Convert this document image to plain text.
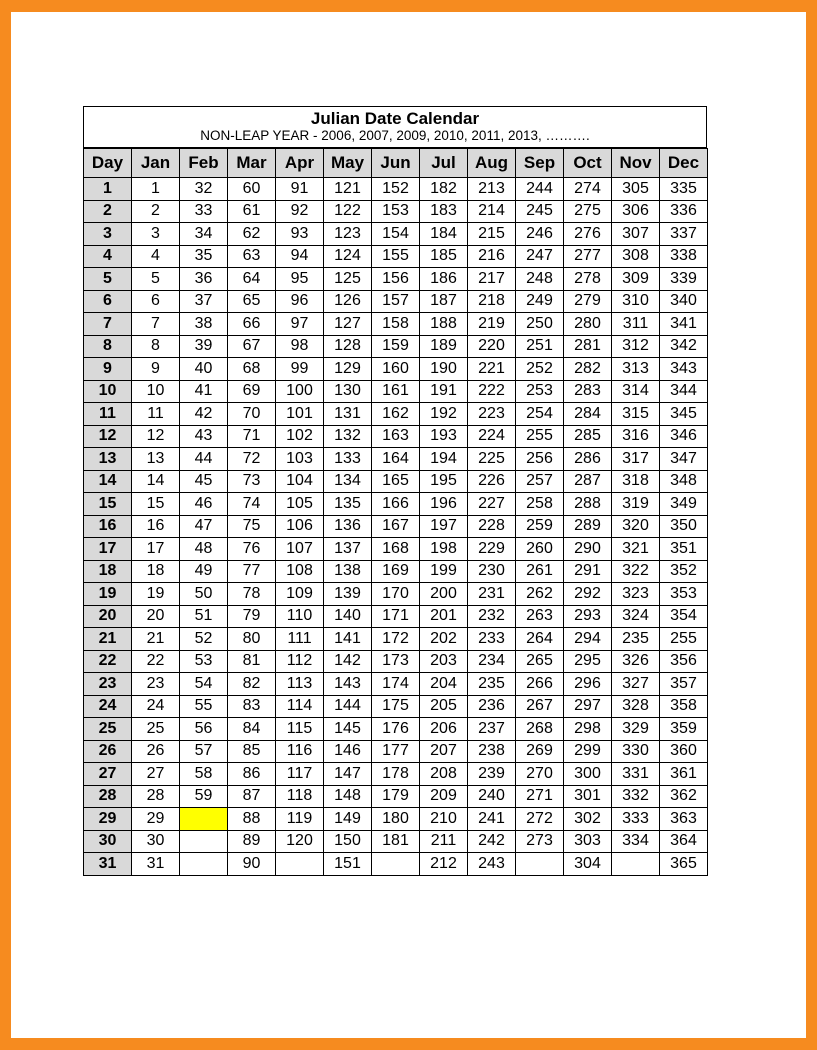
Julian Date Calendar
NON-LEAP YEAR - 2006, 2007, 2009, 2010, 2011, 2013, ……….
Day	Jan	Feb	Mar	Apr	May	Jun	Jul	Aug	Sep	Oct	Nov	Dec
1	1	32	60	91	121	152	182	213	244	274	305	335
2	2	33	61	92	122	153	183	214	245	275	306	336
3	3	34	62	93	123	154	184	215	246	276	307	337
4	4	35	63	94	124	155	185	216	247	277	308	338
5	5	36	64	95	125	156	186	217	248	278	309	339
6	6	37	65	96	126	157	187	218	249	279	310	340
7	7	38	66	97	127	158	188	219	250	280	311	341
8	8	39	67	98	128	159	189	220	251	281	312	342
9	9	40	68	99	129	160	190	221	252	282	313	343
10	10	41	69	100	130	161	191	222	253	283	314	344
11	11	42	70	101	131	162	192	223	254	284	315	345
12	12	43	71	102	132	163	193	224	255	285	316	346
13	13	44	72	103	133	164	194	225	256	286	317	347
14	14	45	73	104	134	165	195	226	257	287	318	348
15	15	46	74	105	135	166	196	227	258	288	319	349
16	16	47	75	106	136	167	197	228	259	289	320	350
17	17	48	76	107	137	168	198	229	260	290	321	351
18	18	49	77	108	138	169	199	230	261	291	322	352
19	19	50	78	109	139	170	200	231	262	292	323	353
20	20	51	79	110	140	171	201	232	263	293	324	354
21	21	52	80	111	141	172	202	233	264	294	235	255
22	22	53	81	112	142	173	203	234	265	295	326	356
23	23	54	82	113	143	174	204	235	266	296	327	357
24	24	55	83	114	144	175	205	236	267	297	328	358
25	25	56	84	115	145	176	206	237	268	298	329	359
26	26	57	85	116	146	177	207	238	269	299	330	360
27	27	58	86	117	147	178	208	239	270	300	331	361
28	28	59	87	118	148	179	209	240	271	301	332	362
29	29		88	119	149	180	210	241	272	302	333	363
30	30		89	120	150	181	211	242	273	303	334	364
31	31		90		151		212	243		304		365
